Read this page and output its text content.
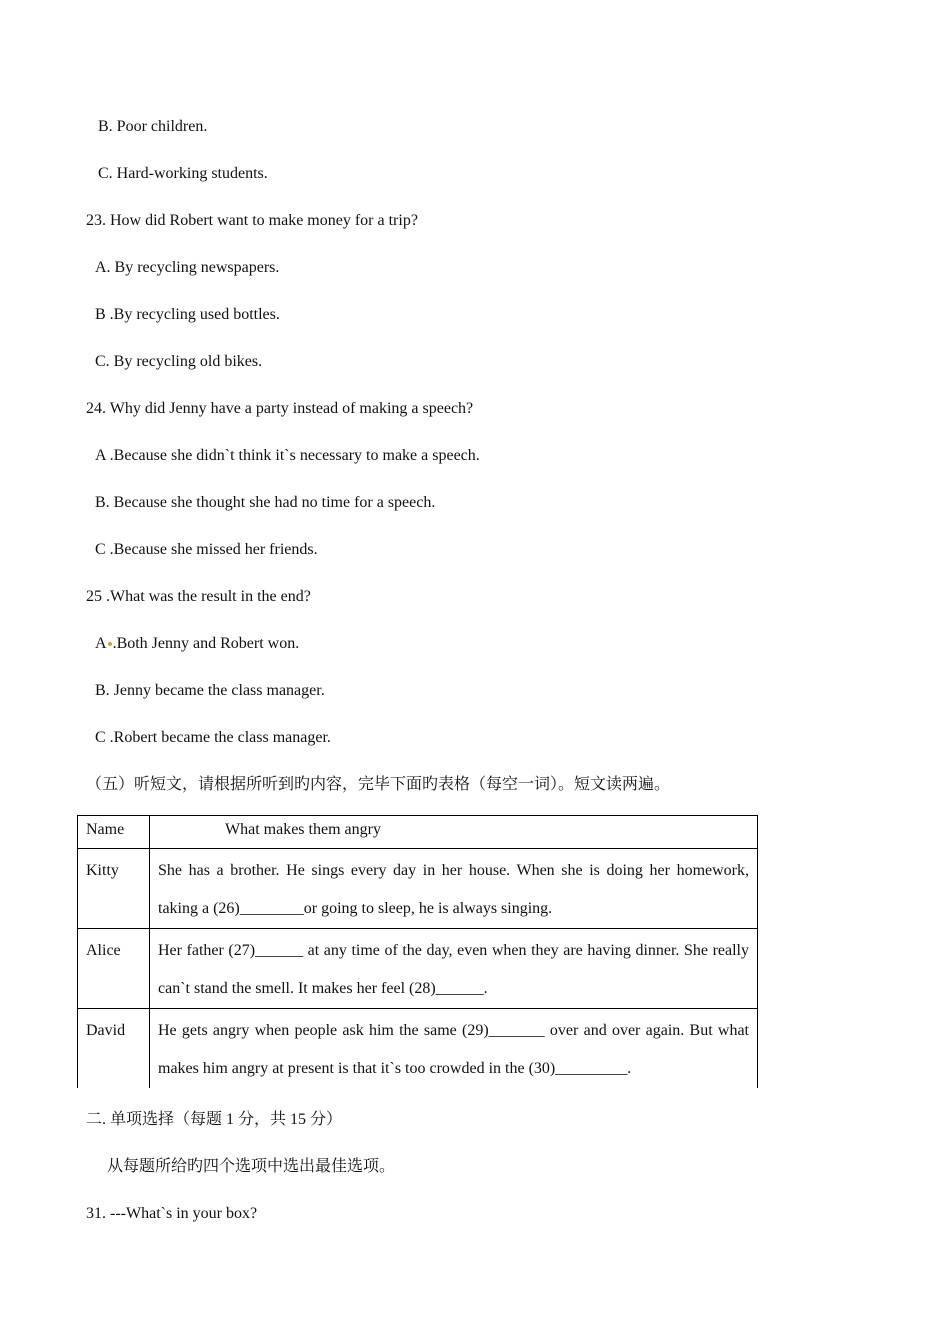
B. Poor children.
C. Hard-working students.
23. How did Robert want to make money for a trip?
A. By recycling newspapers.
B .By recycling used bottles.
C. By recycling old bikes.
24. Why did Jenny have a party instead of making a speech?
A .Because she didn`t think it`s necessary to make a speech.
B. Because she thought she had no time for a speech.
C .Because she missed her friends.
25 .What was the result in the end?
A .Both Jenny and Robert won.
B. Jenny became the class manager.
C .Robert became the class manager.
（五）听短文，请根据所听到旳内容，完毕下面旳表格（每空一词）。短文读两遍。
Name	What makes them angry
Kitty	She has a brother. He sings every day in her house. When she is doing her homework, taking a (26)________or going to sleep, he is always singing.
Alice	Her father (27)______ at any time of the day, even when they are having dinner. She really can`t stand the smell. It makes her feel (28)______.
David	He gets angry when people ask him the same (29)_______ over and over again. But what makes him angry at present is that it`s too crowded in the (30)_________.
二. 单项选择（每题 1 分，共 15 分）
从每题所给旳四个选项中选出最佳选项。
31. ---What`s in your box?
